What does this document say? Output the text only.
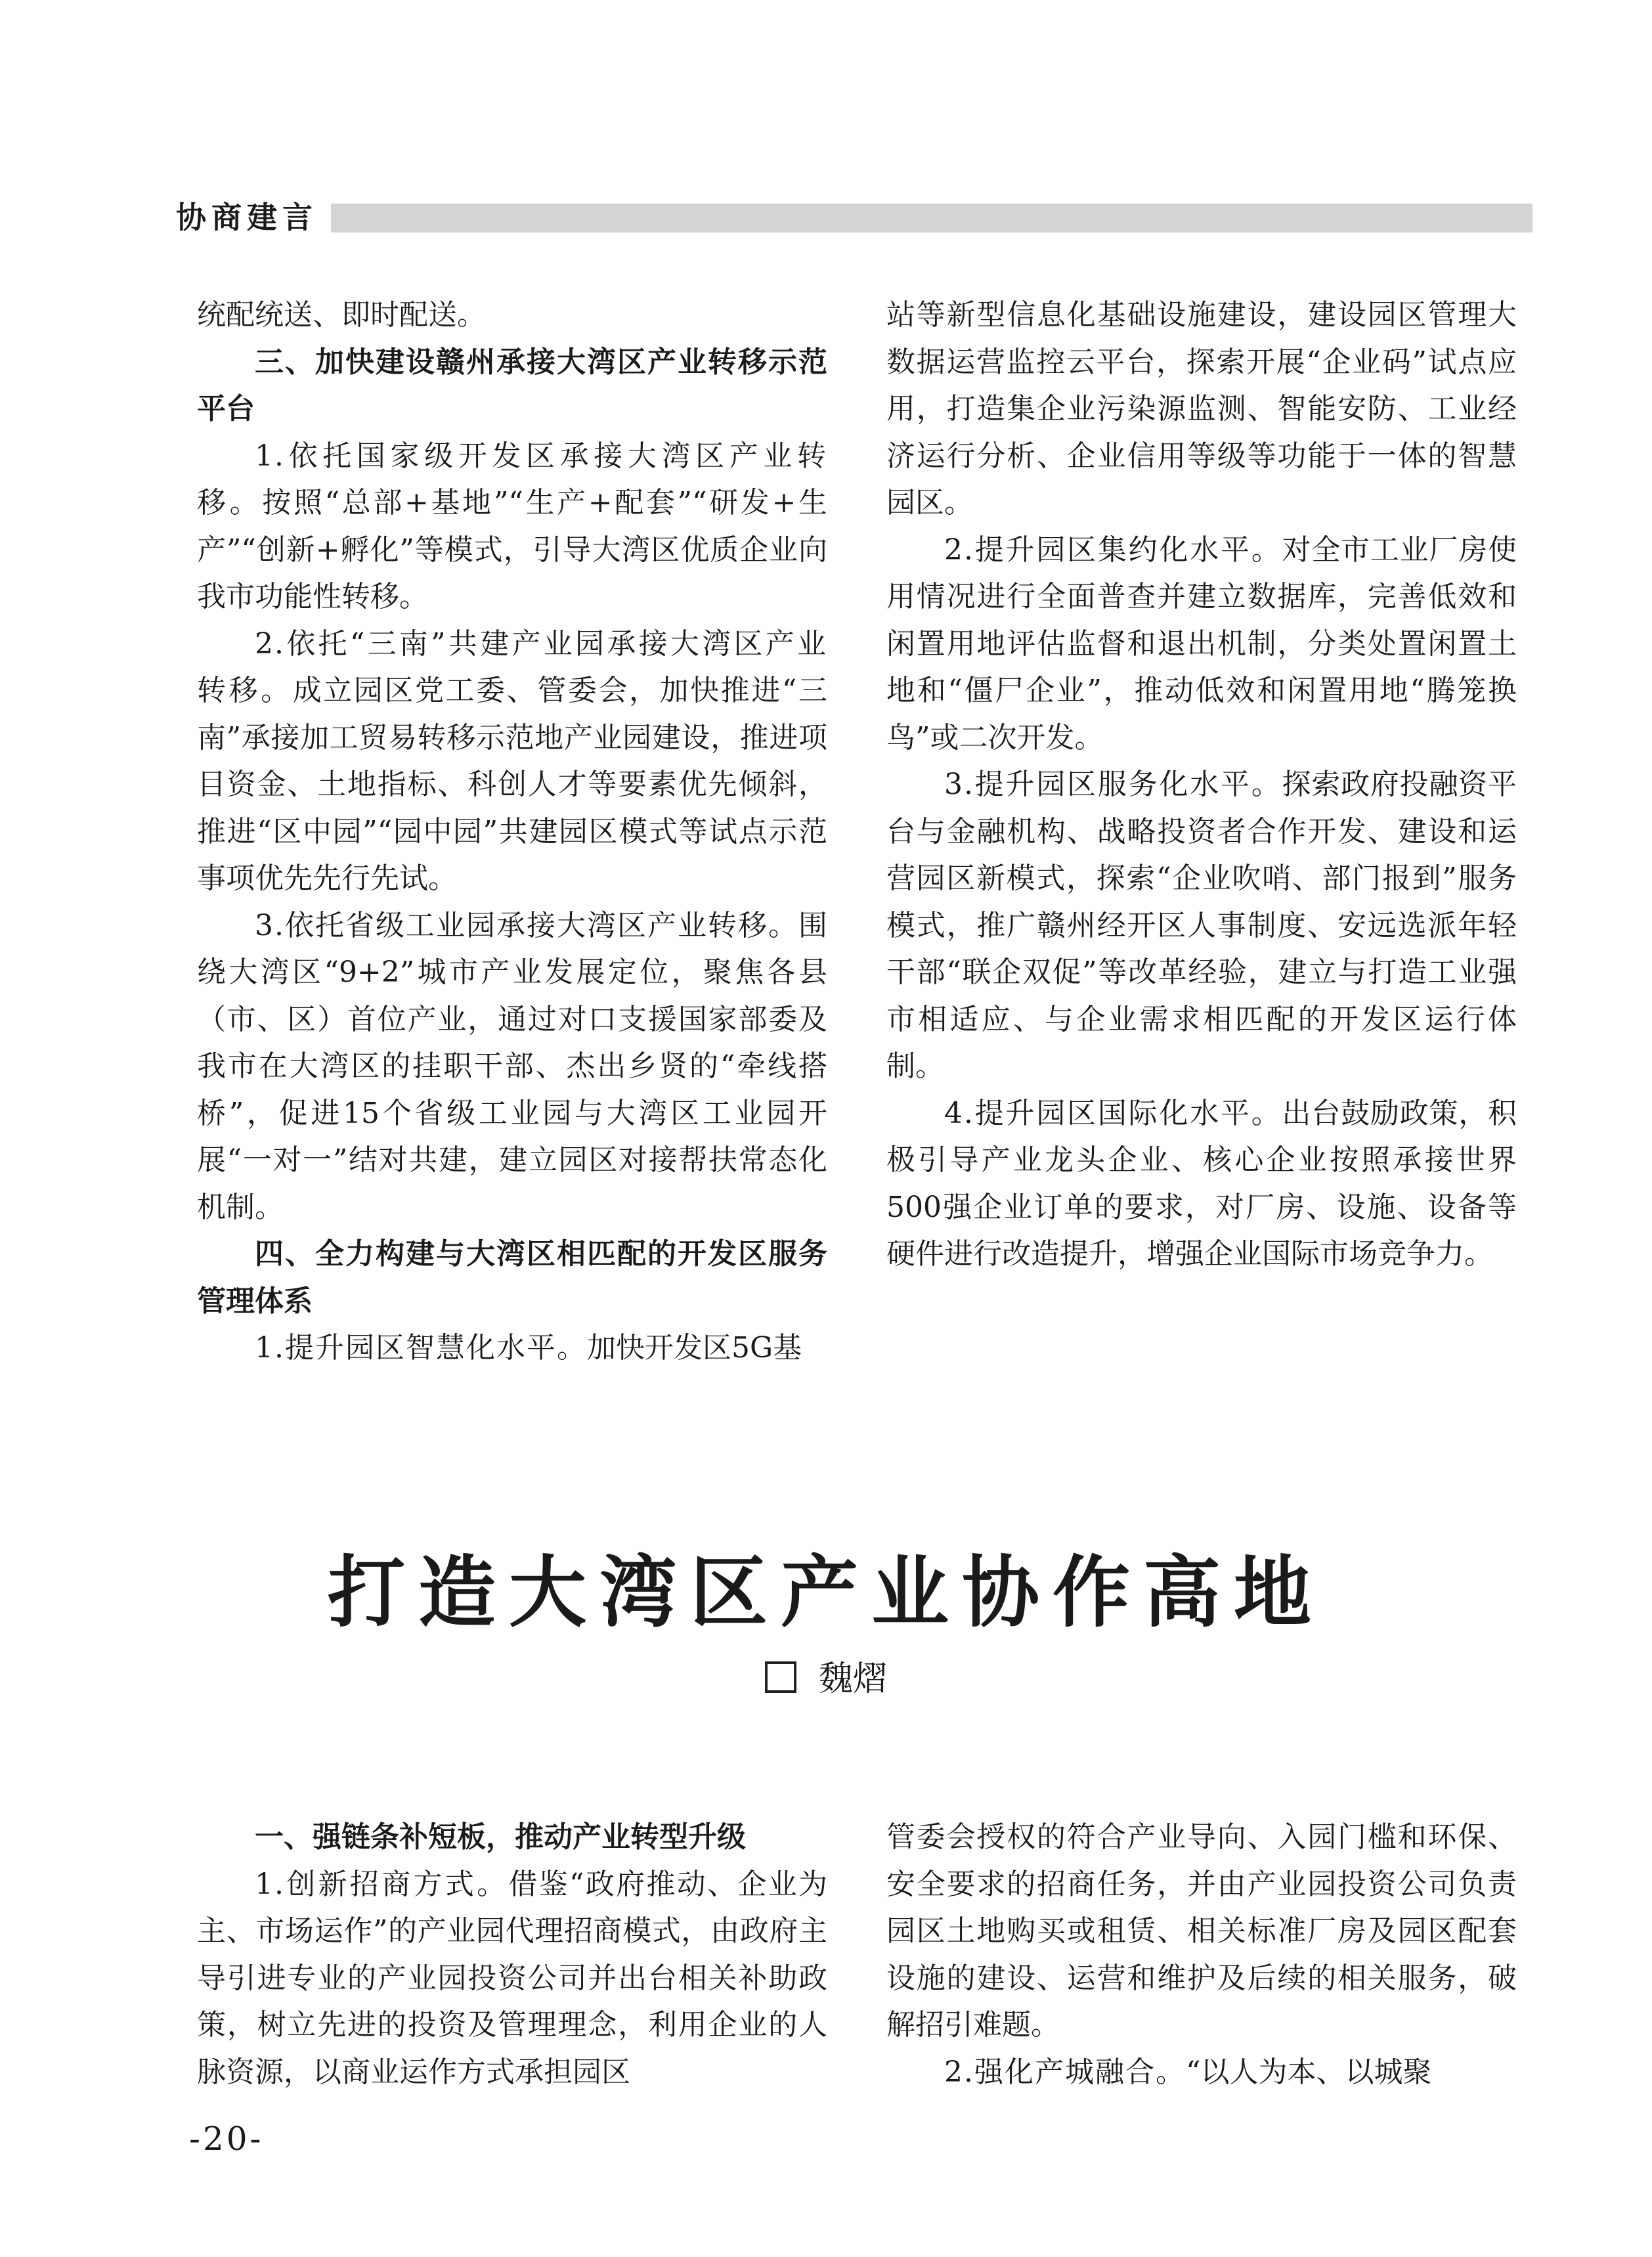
协商建言

统配统送、即时配送。

三、加快建设赣州承接大湾区产业转移示范平台

1.依托国家级开发区承接大湾区产业转移。按照“总部+基地”“生产+配套”“研发+生产”“创新+孵化”等模式，引导大湾区优质企业向我市功能性转移。

2.依托“三南”共建产业园承接大湾区产业转移。成立园区党工委、管委会，加快推进“三南”承接加工贸易转移示范地产业园建设，推进项目资金、土地指标、科创人才等要素优先倾斜，推进“区中园”“园中园”共建园区模式等试点示范事项优先先行先试。

3.依托省级工业园承接大湾区产业转移。围绕大湾区“9+2”城市产业发展定位，聚焦各县（市、区）首位产业，通过对口支援国家部委及我市在大湾区的挂职干部、杰出乡贤的“牵线搭桥”，促进15个省级工业园与大湾区工业园开展“一对一”结对共建，建立园区对接帮扶常态化机制。

四、全力构建与大湾区相匹配的开发区服务管理体系

1.提升园区智慧化水平。加快开发区5G基

站等新型信息化基础设施建设，建设园区管理大数据运营监控云平台，探索开展“企业码”试点应用，打造集企业污染源监测、智能安防、工业经济运行分析、企业信用等级等功能于一体的智慧园区。

2.提升园区集约化水平。对全市工业厂房使用情况进行全面普查并建立数据库，完善低效和闲置用地评估监督和退出机制，分类处置闲置土地和“僵尸企业”，推动低效和闲置用地“腾笼换鸟”或二次开发。

3.提升园区服务化水平。探索政府投融资平台与金融机构、战略投资者合作开发、建设和运营园区新模式，探索“企业吹哨、部门报到”服务模式，推广赣州经开区人事制度、安远选派年轻干部“联企双促”等改革经验，建立与打造工业强市相适应、与企业需求相匹配的开发区运行体制。

4.提升园区国际化水平。出台鼓励政策，积极引导产业龙头企业、核心企业按照承接世界500强企业订单的要求，对厂房、设施、设备等硬件进行改造提升，增强企业国际市场竞争力。

打造大湾区产业协作高地
魏熠

一、强链条补短板，推动产业转型升级

1.创新招商方式。借鉴“政府推动、企业为主、市场运作”的产业园代理招商模式，由政府主导引进专业的产业园投资公司并出台相关补助政策，树立先进的投资及管理理念，利用企业的人脉资源，以商业运作方式承担园区

管委会授权的符合产业导向、入园门槛和环保、安全要求的招商任务，并由产业园投资公司负责园区土地购买或租赁、相关标准厂房及园区配套设施的建设、运营和维护及后续的相关服务，破解招引难题。

2.强化产城融合。“以人为本、以城聚

-20-
